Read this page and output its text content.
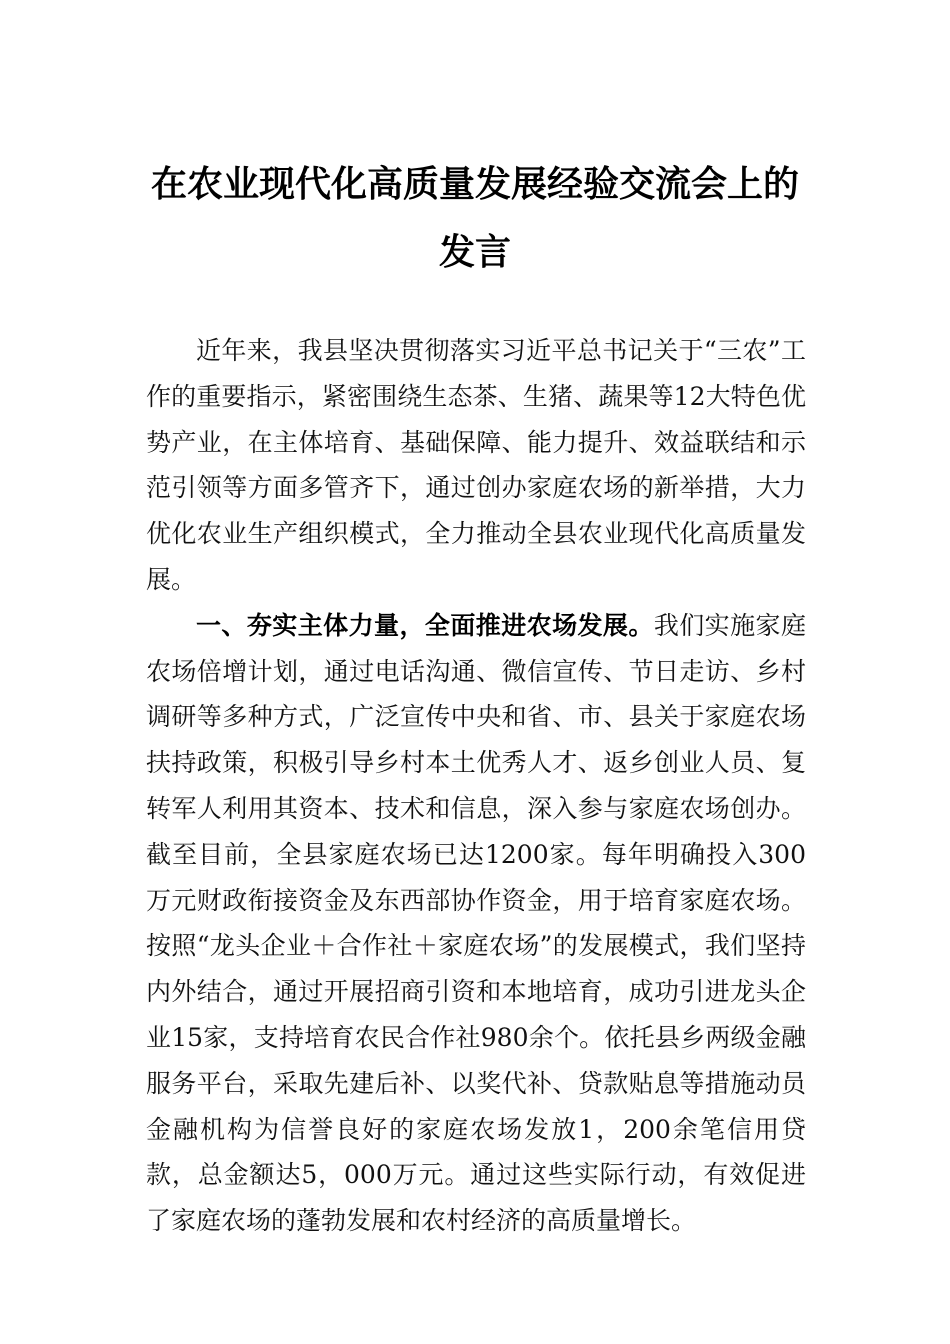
在农业现代化高质量发展经验交流会上的
发言

近年来，我县坚决贯彻落实习近平总书记关于“三农”工作的重要指示，紧密围绕生态茶、生猪、蔬果等12大特色优势产业，在主体培育、基础保障、能力提升、效益联结和示范引领等方面多管齐下，通过创办家庭农场的新举措，大力优化农业生产组织模式，全力推动全县农业现代化高质量发展。

一、夯实主体力量，全面推进农场发展。我们实施家庭农场倍增计划，通过电话沟通、微信宣传、节日走访、乡村调研等多种方式，广泛宣传中央和省、市、县关于家庭农场扶持政策，积极引导乡村本土优秀人才、返乡创业人员、复转军人利用其资本、技术和信息，深入参与家庭农场创办。截至目前，全县家庭农场已达1200家。每年明确投入300万元财政衔接资金及东西部协作资金，用于培育家庭农场。按照“龙头企业＋合作社＋家庭农场”的发展模式，我们坚持内外结合，通过开展招商引资和本地培育，成功引进龙头企业15家，支持培育农民合作社980余个。依托县乡两级金融服务平台，采取先建后补、以奖代补、贷款贴息等措施动员金融机构为信誉良好的家庭农场发放1，200余笔信用贷款，总金额达5，000万元。通过这些实际行动，有效促进了家庭农场的蓬勃发展和农村经济的高质量增长。
